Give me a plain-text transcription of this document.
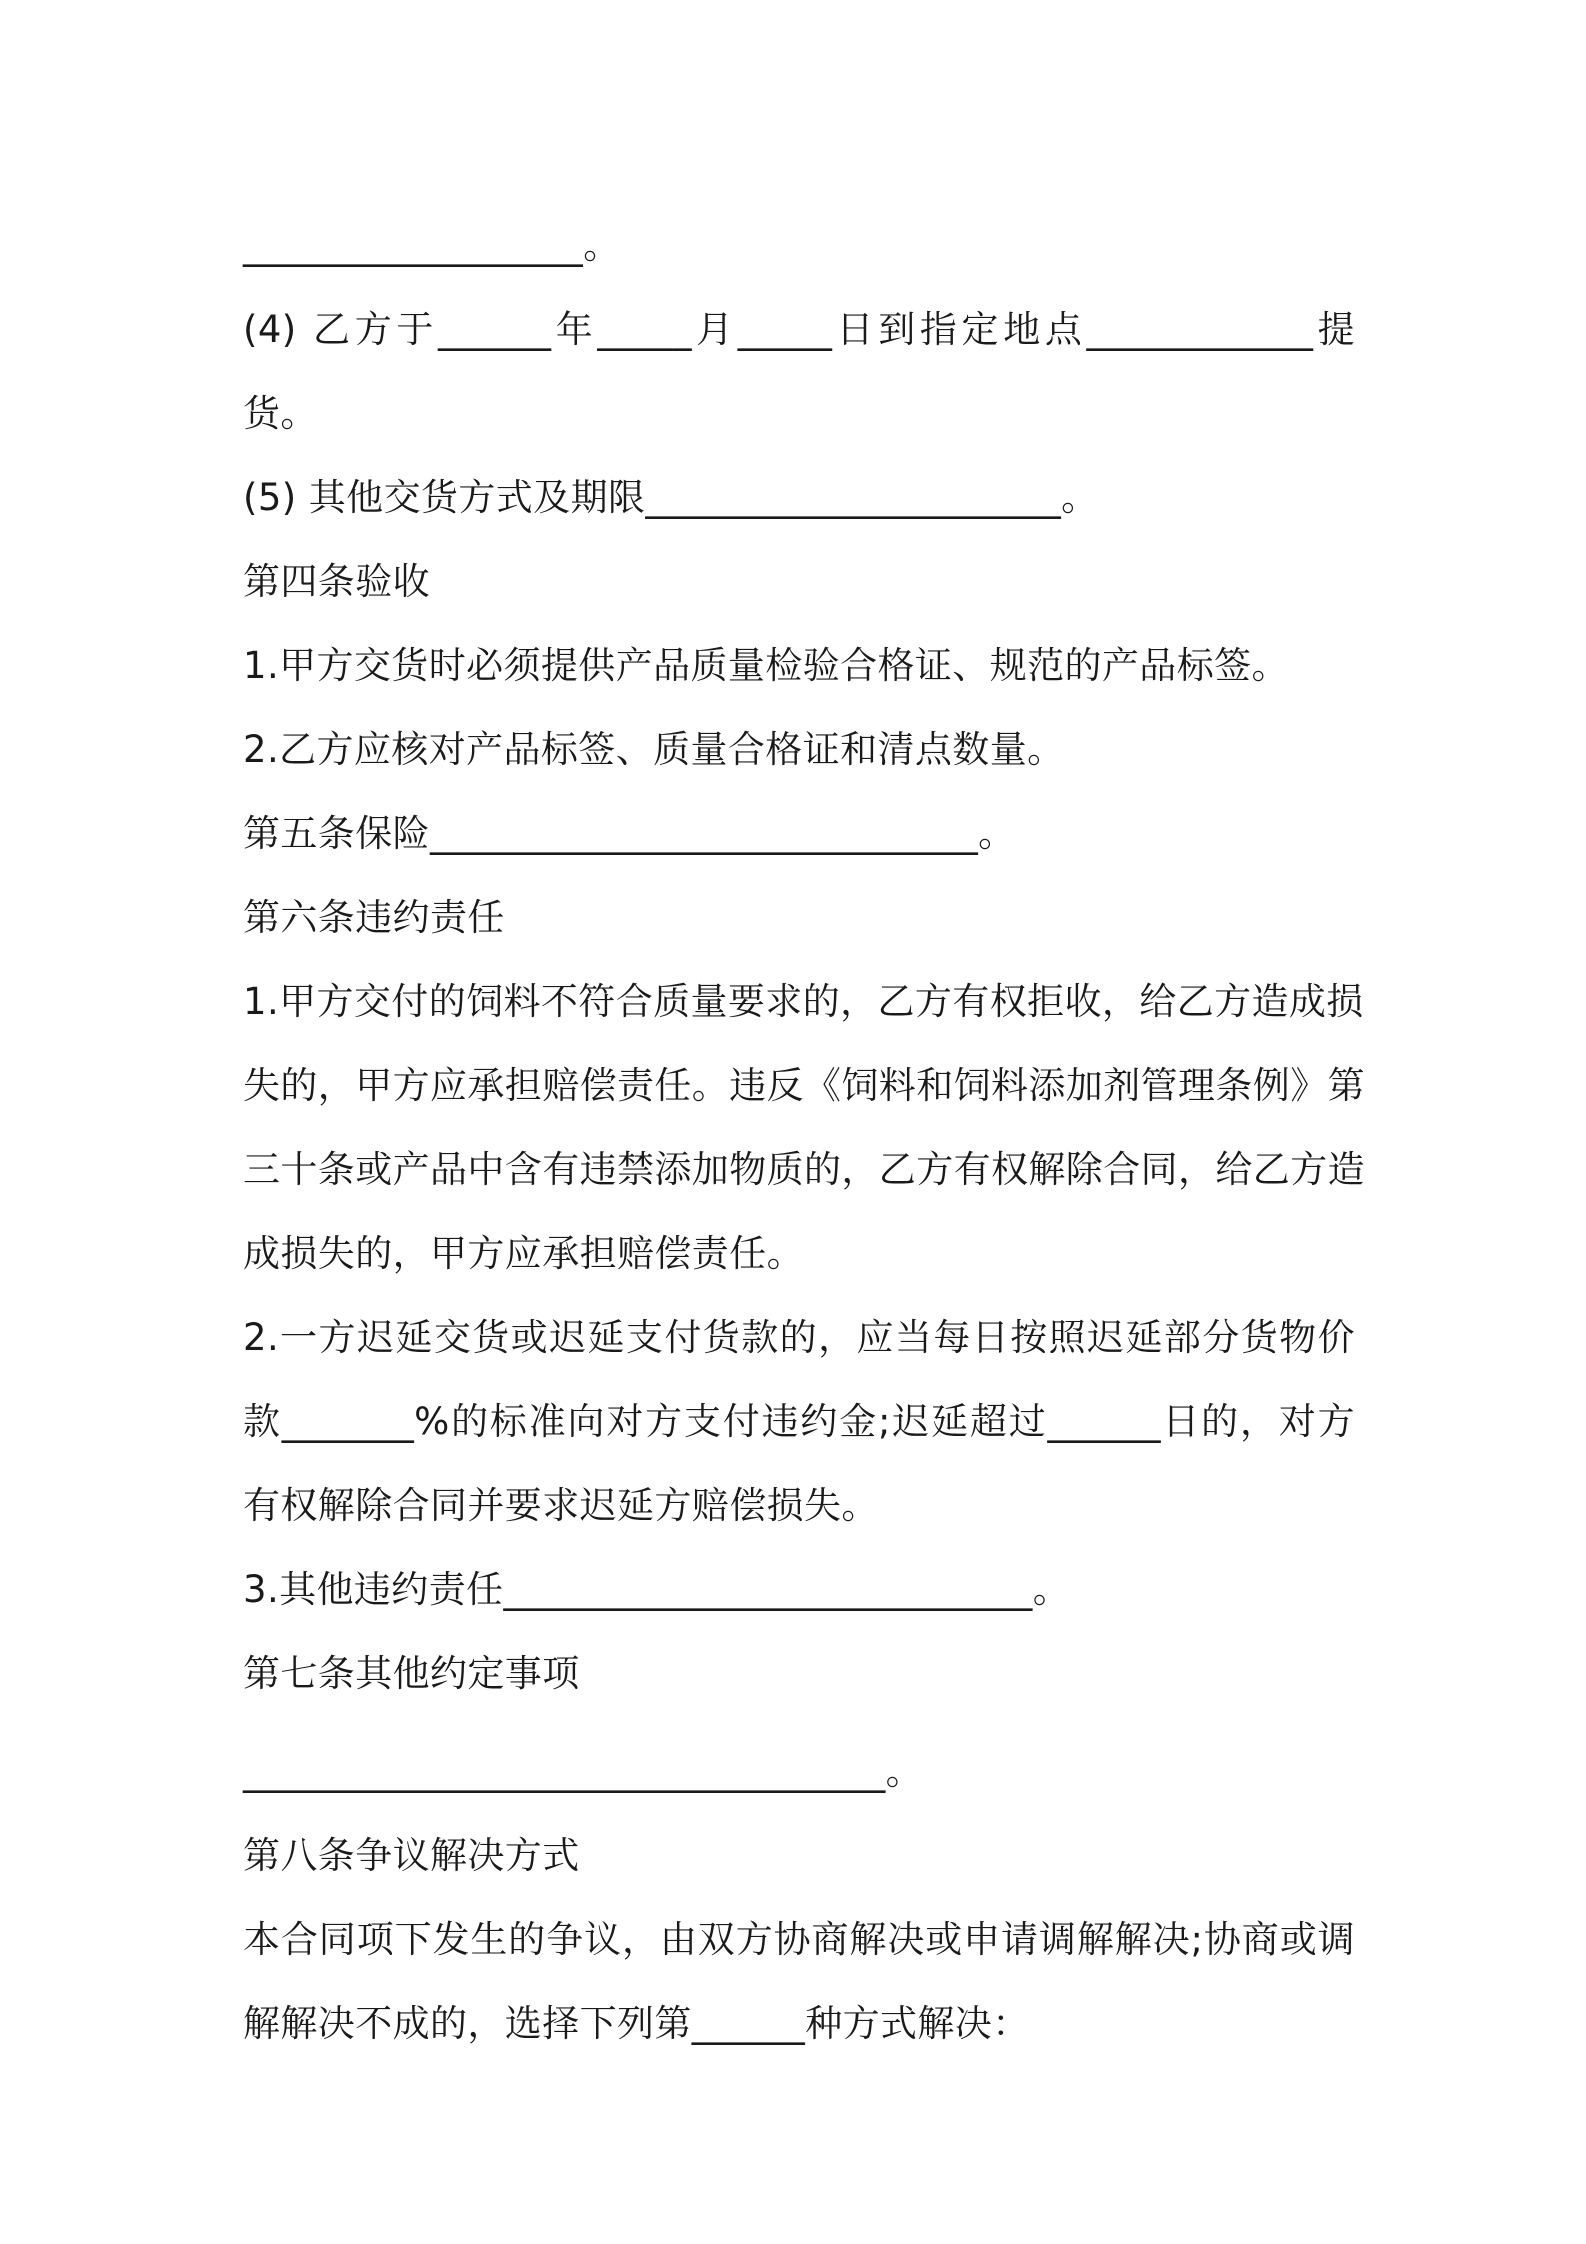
__________________。
(4) 乙方于______年_____月_____日到指定地点____________提
货。
(5) 其他交货方式及期限______________________。
第四条验收
1.甲方交货时必须提供产品质量检验合格证、规范的产品标签。
2.乙方应核对产品标签、质量合格证和清点数量。
第五条保险_____________________________。
第六条违约责任
1.甲方交付的饲料不符合质量要求的，乙方有权拒收，给乙方造成损
失的，甲方应承担赔偿责任。违反《饲料和饲料添加剂管理条例》第
三十条或产品中含有违禁添加物质的，乙方有权解除合同，给乙方造
成损失的，甲方应承担赔偿责任。
2.一方迟延交货或迟延支付货款的，应当每日按照迟延部分货物价
款_______%的标准向对方支付违约金;迟延超过______日的，对方
有权解除合同并要求迟延方赔偿损失。
3.其他违约责任____________________________。
第七条其他约定事项
__________________________________。
第八条争议解决方式
本合同项下发生的争议，由双方协商解决或申请调解解决;协商或调
解解决不成的，选择下列第______种方式解决：
